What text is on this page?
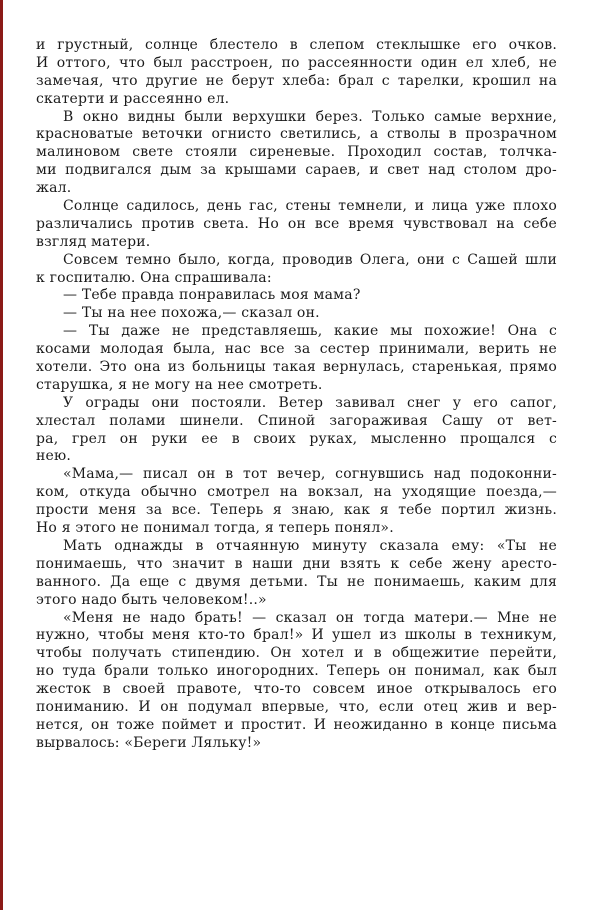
и грустный, солнце блестело в слепом стеклышке его очков.
И оттого, что был расстроен, по рассеянности один ел хлеб, не
замечая, что другие не берут хлеба: брал с тарелки, крошил на
скатерти и рассеянно ел.
В окно видны были верхушки берез. Только самые верхние,
красноватые веточки огнисто светились, а стволы в прозрачном
малиновом свете стояли сиреневые. Проходил состав, толчка-
ми подвигался дым за крышами сараев, и свет над столом дро-
жал.
Солнце садилось, день гас, стены темнели, и лица уже плохо
различались против света. Но он все время чувствовал на себе
взгляд матери.
Совсем темно было, когда, проводив Олега, они с Сашей шли
к госпиталю. Она спрашивала:
— Тебе правда понравилась моя мама?
— Ты на нее похожа,— сказал он.
— Ты даже не представляешь, какие мы похожие! Она с
косами молодая была, нас все за сестер принимали, верить не
хотели. Это она из больницы такая вернулась, старенькая, прямо
старушка, я не могу на нее смотреть.
У ограды они постояли. Ветер завивал снег у его сапог,
хлестал полами шинели. Спиной загораживая Сашу от вет-
ра, грел он руки ее в своих руках, мысленно прощался с
нею.
«Мама,— писал он в тот вечер, согнувшись над подоконни-
ком, откуда обычно смотрел на вокзал, на уходящие поезда,—
прости меня за все. Теперь я знаю, как я тебе портил жизнь.
Но я этого не понимал тогда, я теперь понял».
Мать однажды в отчаянную минуту сказала ему: «Ты не
понимаешь, что значит в наши дни взять к себе жену аресто-
ванного. Да еще с двумя детьми. Ты не понимаешь, каким для
этого надо быть человеком!..»
«Меня не надо брать! — сказал он тогда матери.— Мне не
нужно, чтобы меня кто-то брал!» И ушел из школы в техникум,
чтобы получать стипендию. Он хотел и в общежитие перейти,
но туда брали только иногородних. Теперь он понимал, как был
жесток в своей правоте, что-то совсем иное открывалось его
пониманию. И он подумал впервые, что, если отец жив и вер-
нется, он тоже поймет и простит. И неожиданно в конце письма
вырвалось: «Береги Ляльку!»
